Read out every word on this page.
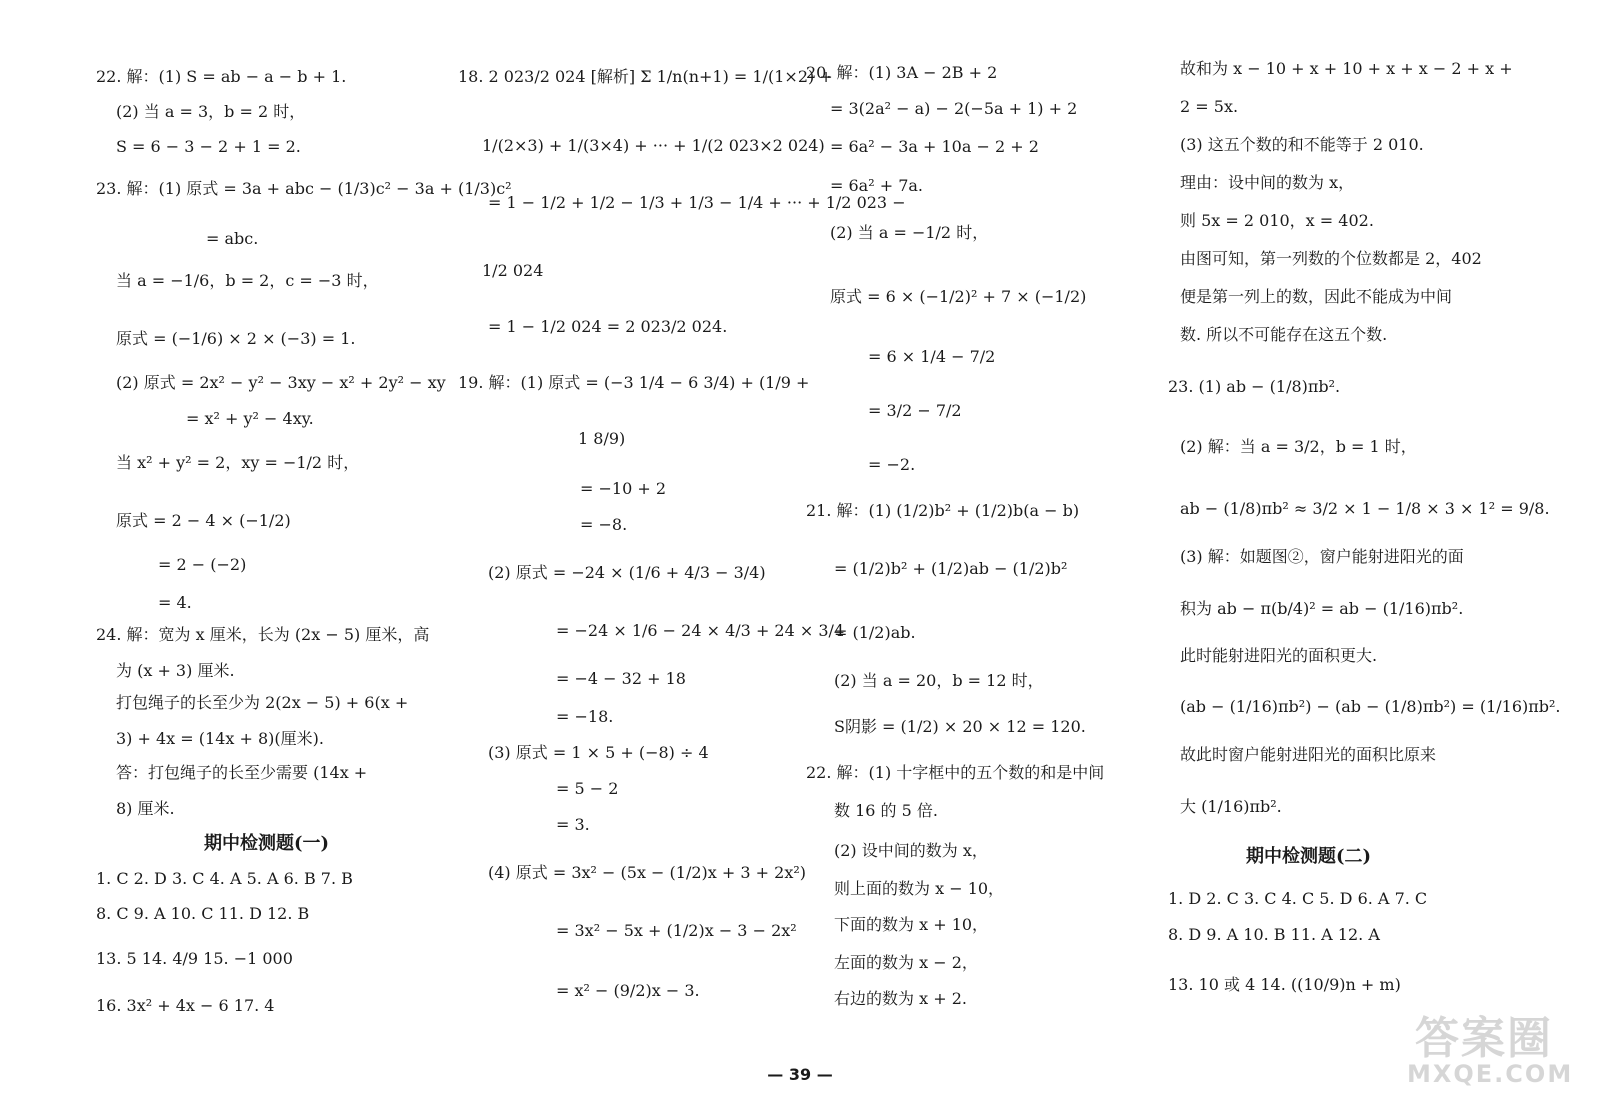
22. 解：(1) S = ab − a − b + 1.
(2) 当 a = 3，b = 2 时，
S = 6 − 3 − 2 + 1 = 2.
23. 解：(1) 原式 = 3a + abc − (1/3)c² − 3a + (1/3)c²
= abc.
当 a = −1/6，b = 2，c = −3 时，
原式 = (−1/6) × 2 × (−3) = 1.
(2) 原式 = 2x² − y² − 3xy − x² + 2y² − xy
= x² + y² − 4xy.
当 x² + y² = 2，xy = −1/2 时，
原式 = 2 − 4 × (−1/2)
= 2 − (−2)
= 4.
24. 解：宽为 x 厘米，长为 (2x − 5) 厘米，高
为 (x + 3) 厘米.
打包绳子的长至少为 2(2x − 5) + 6(x +
3) + 4x = (14x + 8)(厘米).
答：打包绳子的长至少需要 (14x +
8) 厘米.
期中检测题(一)
1. C 2. D 3. C 4. A 5. A 6. B 7. B
8. C 9. A 10. C 11. D 12. B
13. 5 14. 4/9 15. −1 000
16. 3x² + 4x − 6 17. 4
18. 2 023/2 024 [解析] Σ 1/n(n+1) = 1/(1×2) +
1/(2×3) + 1/(3×4) + ··· + 1/(2 023×2 024)
= 1 − 1/2 + 1/2 − 1/3 + 1/3 − 1/4 + ··· + 1/2 023 −
1/2 024
= 1 − 1/2 024 = 2 023/2 024.
19. 解：(1) 原式 = (−3 1/4 − 6 3/4) + (1/9 +
1 8/9)
= −10 + 2
= −8.
(2) 原式 = −24 × (1/6 + 4/3 − 3/4)
= −24 × 1/6 − 24 × 4/3 + 24 × 3/4
= −4 − 32 + 18
= −18.
(3) 原式 = 1 × 5 + (−8) ÷ 4
= 5 − 2
= 3.
(4) 原式 = 3x² − (5x − (1/2)x + 3 + 2x²)
= 3x² − 5x + (1/2)x − 3 − 2x²
= x² − (9/2)x − 3.
20. 解：(1) 3A − 2B + 2
= 3(2a² − a) − 2(−5a + 1) + 2
= 6a² − 3a + 10a − 2 + 2
= 6a² + 7a.
(2) 当 a = −1/2 时，
原式 = 6 × (−1/2)² + 7 × (−1/2)
= 6 × 1/4 − 7/2
= 3/2 − 7/2
= −2.
21. 解：(1) (1/2)b² + (1/2)b(a − b)
= (1/2)b² + (1/2)ab − (1/2)b²
= (1/2)ab.
(2) 当 a = 20，b = 12 时，
S阴影 = (1/2) × 20 × 12 = 120.
22. 解：(1) 十字框中的五个数的和是中间
数 16 的 5 倍.
(2) 设中间的数为 x，
则上面的数为 x − 10，
下面的数为 x + 10，
左面的数为 x − 2，
右边的数为 x + 2.
故和为 x − 10 + x + 10 + x + x − 2 + x +
2 = 5x.
(3) 这五个数的和不能等于 2 010.
理由：设中间的数为 x，
则 5x = 2 010，x = 402.
由图可知，第一列数的个位数都是 2，402
便是第一列上的数，因此不能成为中间
数. 所以不可能存在这五个数.
23. (1) ab − (1/8)πb².
(2) 解：当 a = 3/2，b = 1 时，
ab − (1/8)πb² ≈ 3/2 × 1 − 1/8 × 3 × 1² = 9/8.
(3) 解：如题图②，窗户能射进阳光的面
积为 ab − π(b/4)² = ab − (1/16)πb².
此时能射进阳光的面积更大.
(ab − (1/16)πb²) − (ab − (1/8)πb²) = (1/16)πb².
故此时窗户能射进阳光的面积比原来
大 (1/16)πb².
期中检测题(二)
1. D 2. C 3. C 4. C 5. D 6. A 7. C
8. D 9. A 10. B 11. A 12. A
13. 10 或 4 14. ((10/9)n + m)
— 39 —
答案圈
MXQE.COM
